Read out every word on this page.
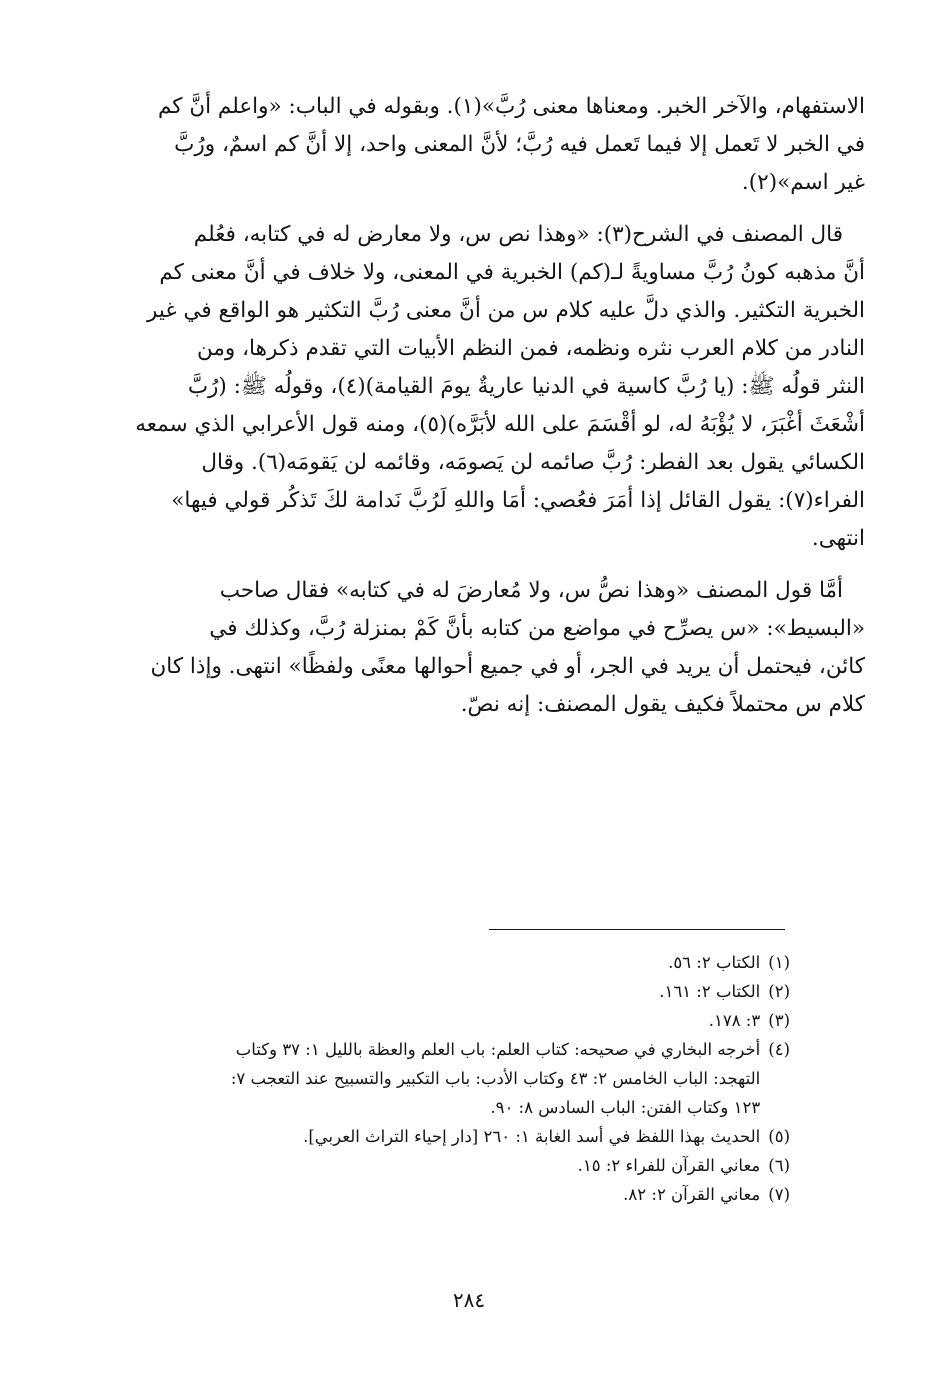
الاستفهام، والآخر الخبر. ومعناها معنى رُبَّ»(١). وبقوله في الباب: «واعلم أنَّ كم

في الخبر لا تَعمل إلا فيما تَعمل فيه رُبَّ؛ لأنَّ المعنى واحد، إلا أنَّ كم اسمٌ، ورُبَّ

غير اسم»(٢).

قال المصنف في الشرح(٣): «وهذا نص س، ولا معارض له في كتابه، فعُلم

أنَّ مذهبه كونُ رُبَّ مساويةً لـ(كم) الخبرية في المعنى، ولا خلاف في أنَّ معنى كم

الخبرية التكثير. والذي دلَّ عليه كلام س من أنَّ معنى رُبَّ التكثير هو الواقع في غير

النادر من كلام العرب نثره ونظمه، فمن النظم الأبيات التي تقدم ذكرها، ومن

النثر قولُه ﷺ: (يا رُبَّ كاسية في الدنيا عاريةٌ يومَ القيامة)(٤)، وقولُه ﷺ: (رُبَّ

أشْعَثَ أغْبَرَ، لا يُؤْبَهُ له، لو أقْسَمَ على الله لأبَرَّه)(٥)، ومنه قول الأعرابي الذي سمعه

الكسائي يقول بعد الفطر: رُبَّ صائمه لن يَصومَه، وقائمه لن يَقومَه(٦). وقال

الفراء(٧): يقول القائل إذا أمَرَ فعُصي: أمَا واللهِ لَرُبَّ نَدامة لكَ تَذكُر قولي فيها»

انتهى.

أمَّا قول المصنف «وهذا نصُّ س، ولا مُعارضَ له في كتابه» فقال صاحب

«البسيط»: «س يصرِّح في مواضع من كتابه بأنَّ كَمْ بمنزلة رُبَّ، وكذلك في

كائن، فيحتمل أن يريد في الجر، أو في جميع أحوالها معنًى ولفظًا» انتهى. وإذا كان

كلام س محتملاً فكيف يقول المصنف: إنه نصّ.

(١)
الكتاب ٢: ٥٦.
(٢)
الكتاب ٢: ١٦١.
(٣)
٣: ١٧٨.
(٤)
أخرجه البخاري في صحيحه: كتاب العلم: باب العلم والعظة بالليل ١: ٣٧ وكتاب
التهجد: الباب الخامس ٢: ٤٣ وكتاب الأدب: باب التكبير والتسبيح عند التعجب ٧:
١٢٣ وكتاب الفتن: الباب السادس ٨: ٩٠.
(٥)
الحديث بهذا اللفظ في أسد الغابة ١: ٢٦٠ [دار إحياء التراث العربي].
(٦)
معاني القرآن للفراء ٢: ١٥.
(٧)
معاني القرآن ٢: ٨٢.
٢٨٤
